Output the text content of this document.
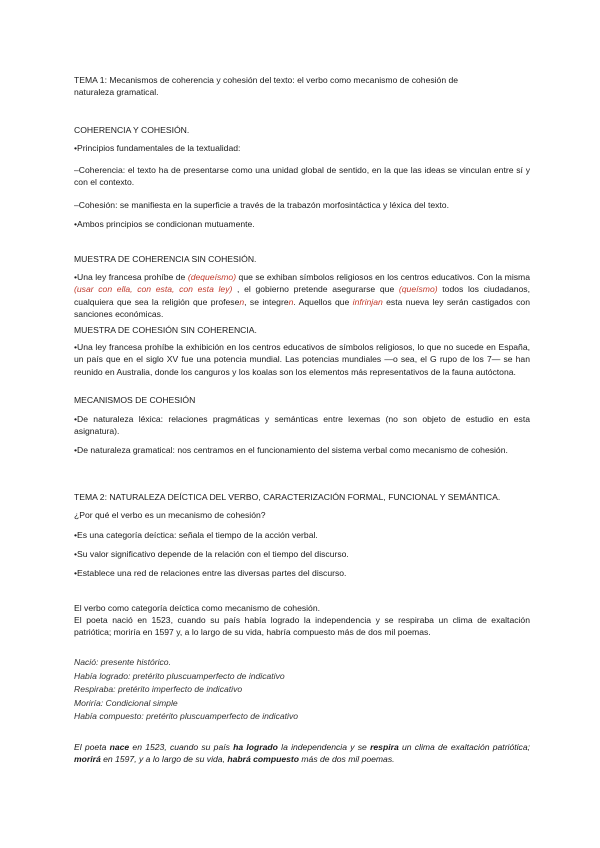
TEMA 1: Mecanismos de coherencia y cohesión del texto: el verbo como mecanismo de cohesión de
naturaleza gramatical.

COHERENCIA Y COHESIÓN.

•Principios fundamentales de la textualidad:

–Coherencia: el texto ha de presentarse como una unidad global de sentido, en la que las ideas se vinculan entre sí y con el contexto.

–Cohesión: se manifiesta en la superficie a través de la trabazón morfosintáctica y léxica del texto.

•Ambos principios se condicionan mutuamente.

MUESTRA DE COHERENCIA SIN COHESIÓN.

•Una ley francesa prohíbe de (dequeísmo) que se exhiban símbolos religiosos en los centros educativos. Con la misma (usar con ella, con esta, con esta ley) , el gobierno pretende asegurarse que (queísmo) todos los ciudadanos, cualquiera que sea la religión que profesen, se integren. Aquellos que infrinjan esta nueva ley serán castigados con sanciones económicas.

MUESTRA DE COHESIÓN SIN COHERENCIA.

•Una ley francesa prohíbe la exhibición en los centros educativos de símbolos religiosos, lo que no sucede en España, un país que en el siglo XV fue una potencia mundial. Las potencias mundiales —o sea, el G rupo de los 7— se han reunido en Australia, donde los canguros y los koalas son los elementos más representativos de la fauna autóctona.

MECANISMOS DE COHESIÓN

•De naturaleza léxica: relaciones pragmáticas y semánticas entre lexemas (no son objeto de estudio en esta asignatura).

•De naturaleza gramatical: nos centramos en el funcionamiento del sistema verbal como mecanismo de cohesión.

TEMA 2: NATURALEZA DEÍCTICA DEL VERBO, CARACTERIZACIÓN FORMAL, FUNCIONAL Y SEMÁNTICA.

¿Por qué el verbo es un mecanismo de cohesión?

•Es una categoría deíctica: señala el tiempo de la acción verbal.

•Su valor significativo depende de la relación con el tiempo del discurso.

•Establece una red de relaciones entre las diversas partes del discurso.

El verbo como categoría deíctica como mecanismo de cohesión.

El poeta nació en 1523, cuando su país había logrado la independencia y se respiraba un clima de exaltación patriótica; moriría en 1597 y, a lo largo de su vida, habría compuesto más de dos mil poemas.

Nació: presente histórico.
Había logrado: pretérito pluscuamperfecto de indicativo
Respiraba: pretérito imperfecto de indicativo
Moriría: Condicional simple
Había compuesto: pretérito pluscuamperfecto de indicativo

El poeta nace en 1523, cuando su país ha logrado la independencia y se respira un clima de exaltación patriótica; morirá en 1597, y a lo largo de su vida, habrá compuesto más de dos mil poemas.
